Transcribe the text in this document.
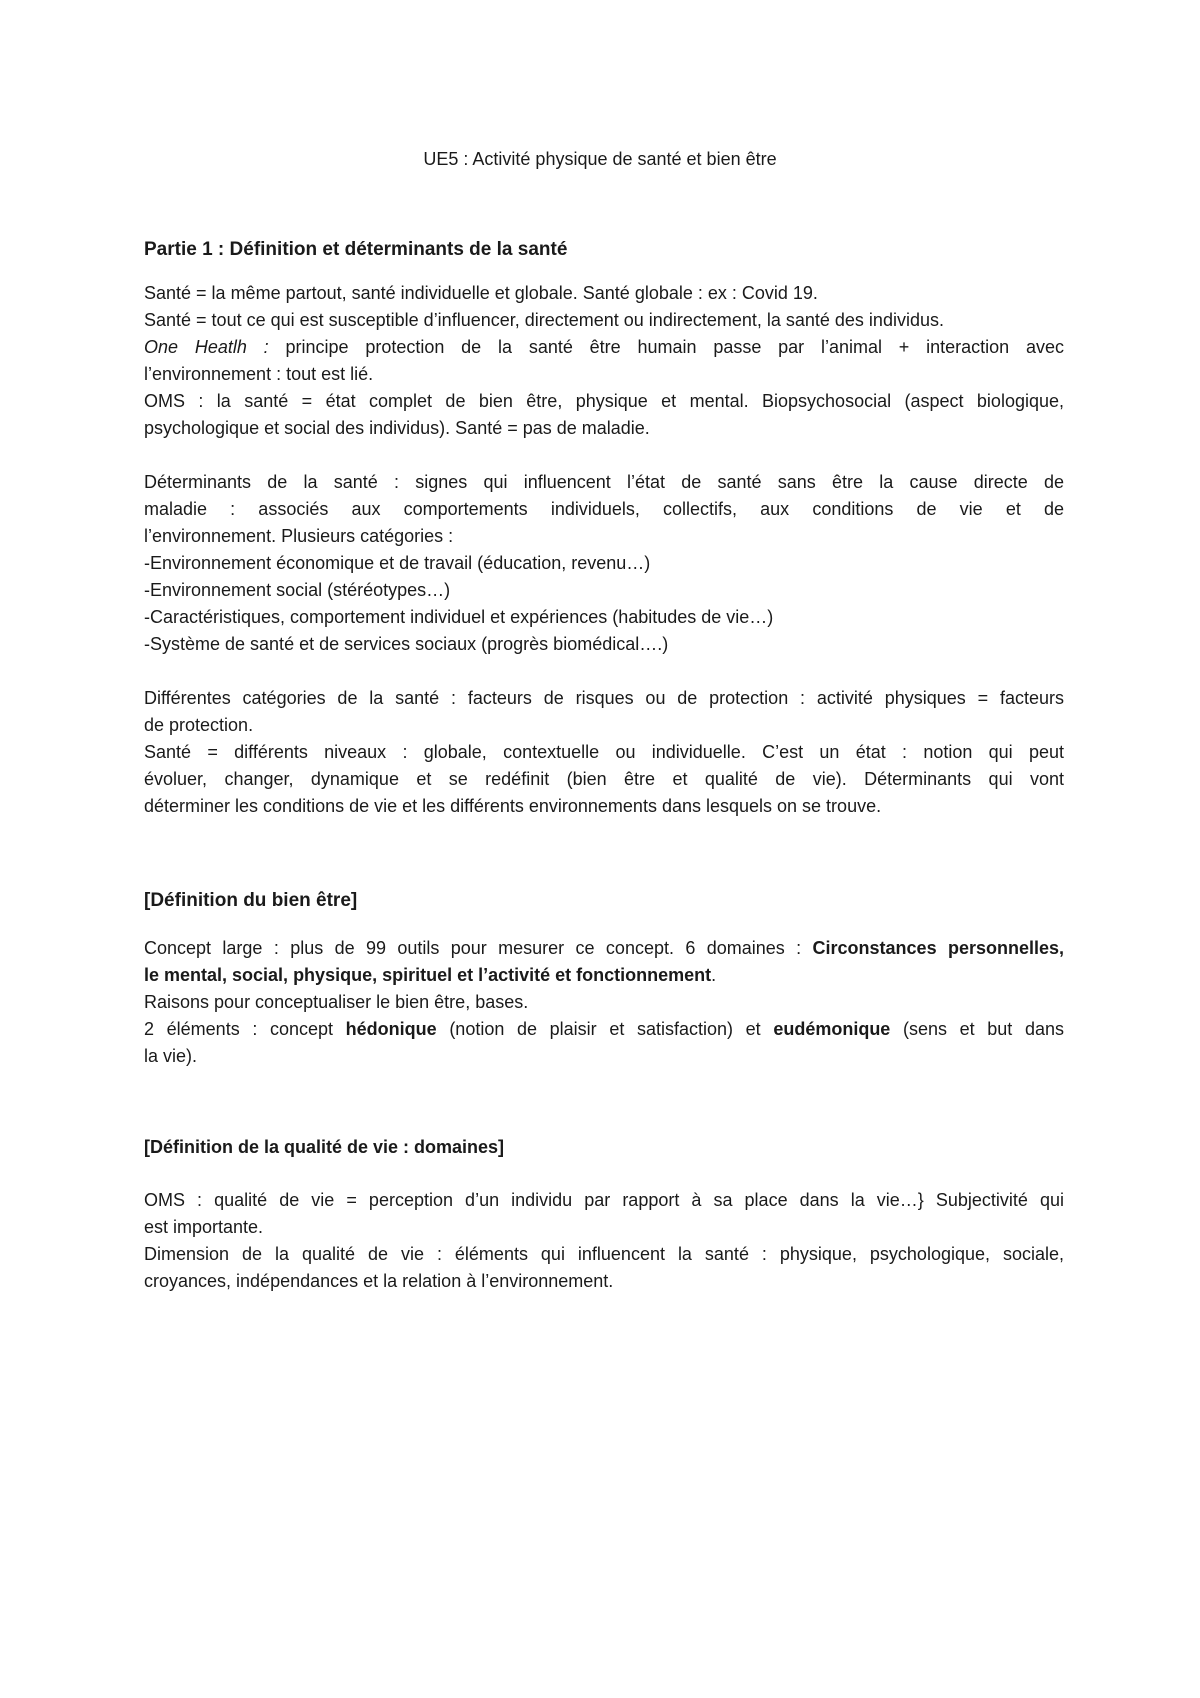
UE5 : Activité physique de santé et bien être

Partie 1 : Définition et déterminants de la santé

Santé = la même partout, santé individuelle et globale. Santé globale : ex : Covid 19.

Santé = tout ce qui est susceptible d’influencer, directement ou indirectement, la santé des individus.

One Heatlh : principe protection de la santé être humain passe par l’animal + interaction avec

l’environnement : tout est lié.

OMS : la santé = état complet de bien être, physique et mental. Biopsychosocial (aspect biologique,

psychologique et social des individus). Santé = pas de maladie.

Déterminants de la santé : signes qui influencent l’état de santé sans être la cause directe de

maladie : associés aux comportements individuels, collectifs, aux conditions de vie et de

l’environnement. Plusieurs catégories :

-Environnement économique et de travail (éducation, revenu…)

-Environnement social (stéréotypes…)

-Caractéristiques, comportement individuel et expériences (habitudes de vie…)

-Système de santé et de services sociaux (progrès biomédical….)

Différentes catégories de la santé : facteurs de risques ou de protection : activité physiques = facteurs

de protection.

Santé = différents niveaux : globale, contextuelle ou individuelle. C’est un état : notion qui peut

évoluer, changer, dynamique et se redéfinit (bien être et qualité de vie). Déterminants qui vont

déterminer les conditions de vie et les différents environnements dans lesquels on se trouve.

[Définition du bien être]

Concept large : plus de 99 outils pour mesurer ce concept. 6 domaines : Circonstances personnelles,

le mental, social, physique, spirituel et l’activité et fonctionnement.

Raisons pour conceptualiser le bien être, bases.

2 éléments : concept hédonique (notion de plaisir et satisfaction) et eudémonique (sens et but dans

la vie).

[Définition de la qualité de vie : domaines]

OMS : qualité de vie = perception d’un individu par rapport à sa place dans la vie…} Subjectivité qui

est importante.

Dimension de la qualité de vie : éléments qui influencent la santé : physique, psychologique, sociale,

croyances, indépendances et la relation à l’environnement.
